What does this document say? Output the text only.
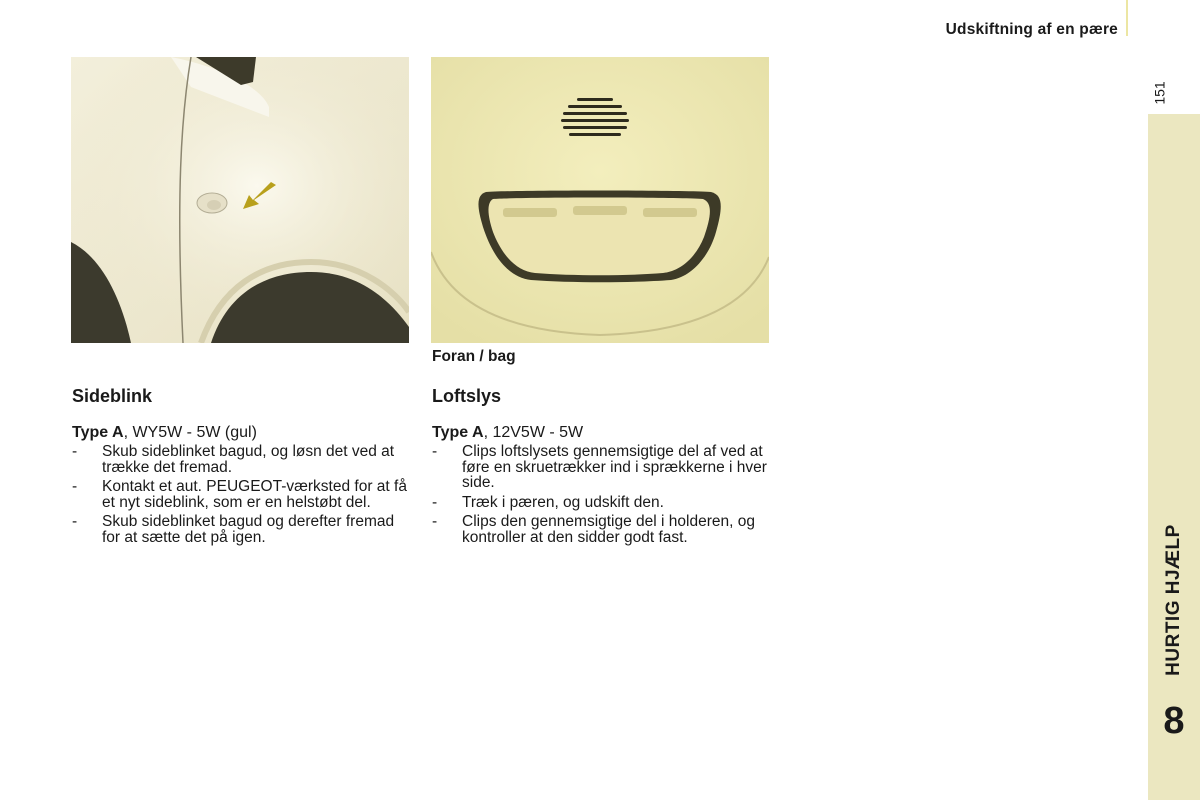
Udskiftning af en pære
151
HURTIG HJÆLP
8
Foran / bag
Sideblink
Type A, WY5W - 5W (gul)
- Skub sideblinket bagud, og løsn det ved at trække det fremad.
- Kontakt et aut. PEUGEOT-værksted for at få et nyt sideblink, som er en helstøbt del.
- Skub sideblinket bagud og derefter fremad for at sætte det på igen.
Loftslys
Type A, 12V5W - 5W
- Clips loftslysets gennemsigtige del af ved at føre en skruetrækker ind i sprækkerne i hver side.
- Træk i pæren, og udskift den.
- Clips den gennemsigtige del i holderen, og kontroller at den sidder godt fast.
